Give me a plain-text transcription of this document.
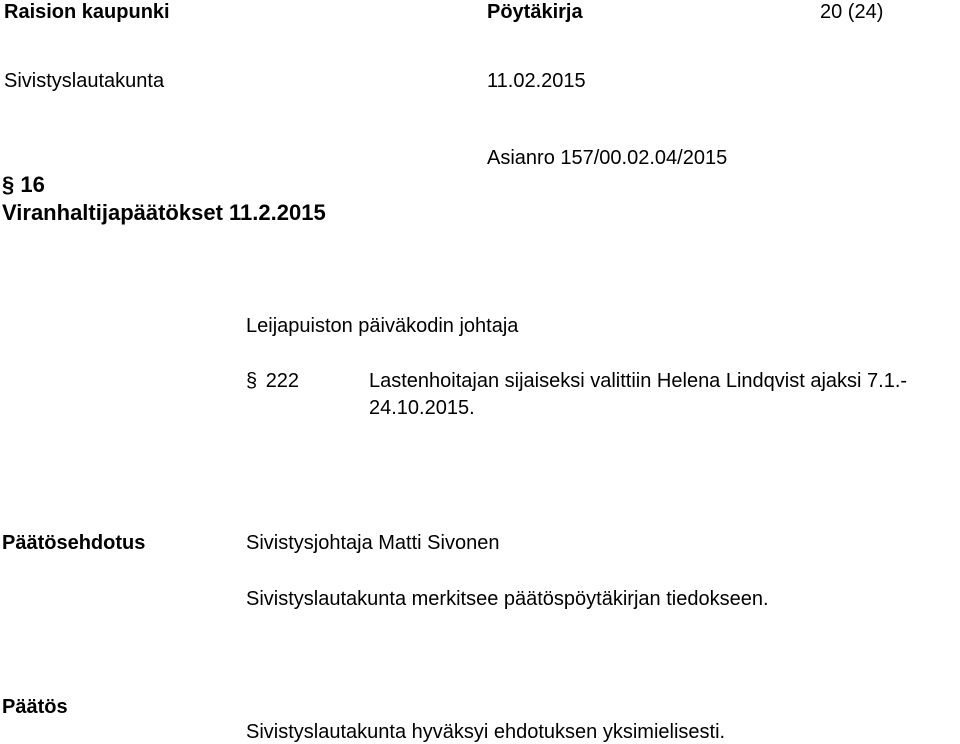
Raision kaupunki	Pöytäkirja	20 (24)
Sivistyslautakunta	11.02.2015
Asianro 157/00.02.04/2015
§ 16
Viranhaltijapäätökset 11.2.2015
Leijapuiston päiväkodin johtaja
§ 222	Lastenhoitajan sijaiseksi valittiin Helena Lindqvist ajaksi 7.1.-
24.10.2015.
Päätösehdotus	Sivistysjohtaja Matti Sivonen
Sivistyslautakunta merkitsee päätöspöytäkirjan tiedokseen.
Päätös
Sivistyslautakunta hyväksyi ehdotuksen yksimielisesti.
